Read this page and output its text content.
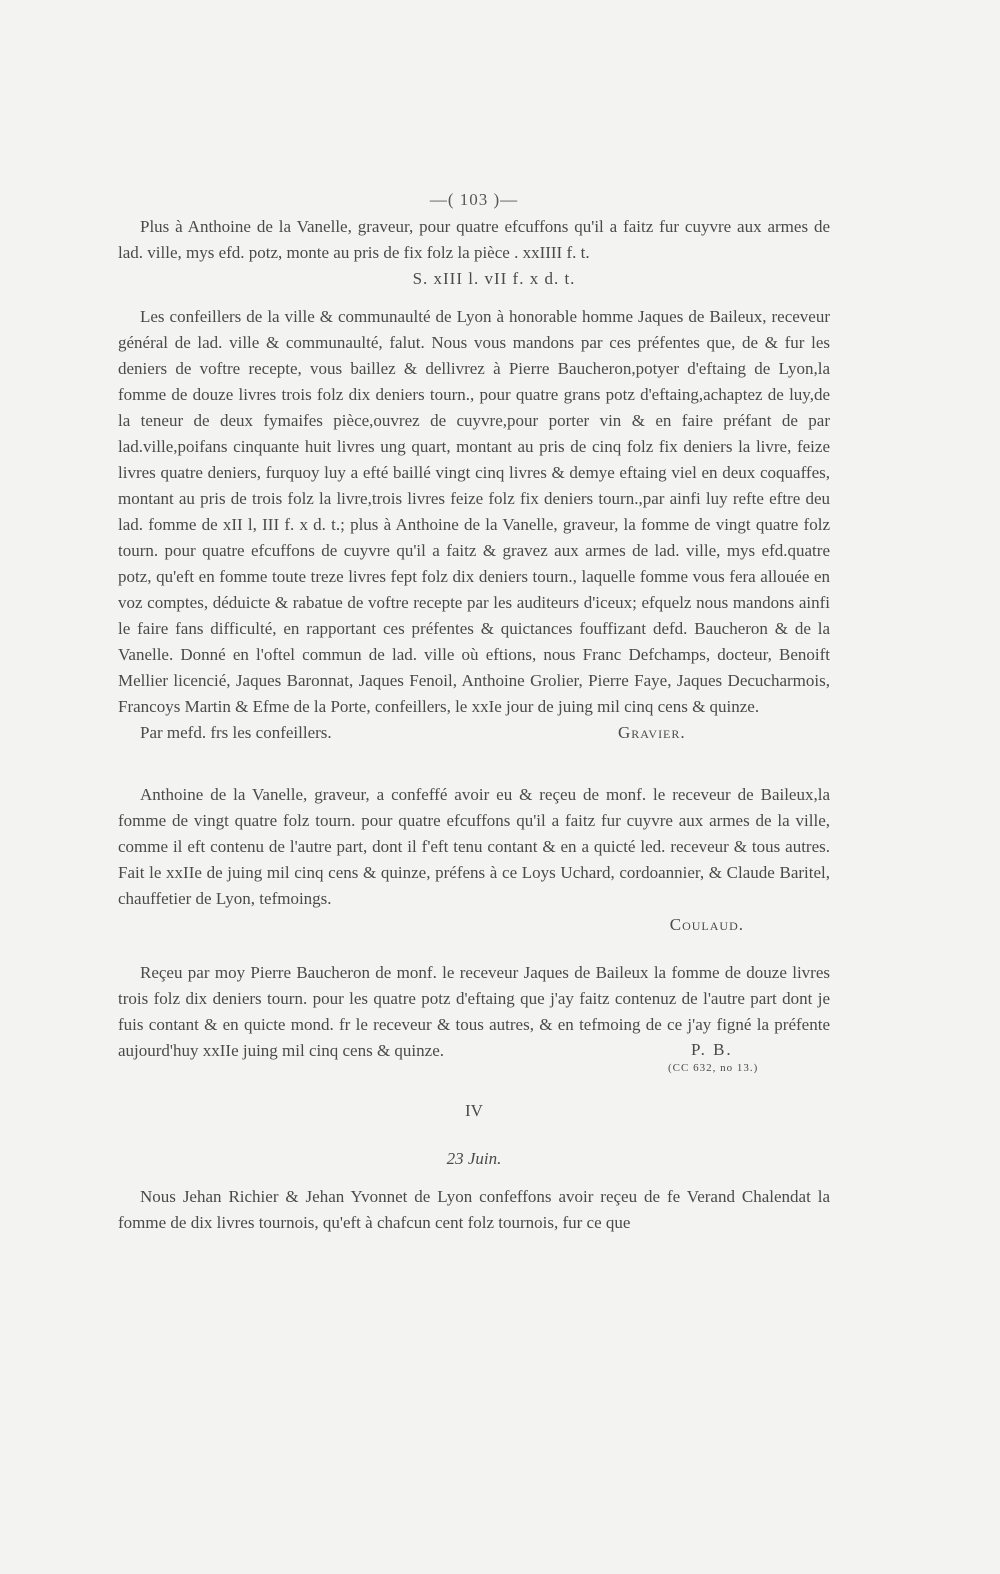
—( 103 )—

Plus à Anthoine de la Vanelle, graveur, pour quatre efcuffons qu'il a faitz fur cuyvre aux armes de lad. ville, mys efd. potz, monte au pris de fix folz la pièce . xxIIII f. t.

S. xIII l. vII f. x d. t.

Les confeillers de la ville & communaulté de Lyon à honorable homme Jaques de Baileux, receveur général de lad. ville & communaulté, falut. Nous vous mandons par ces préfentes que, de & fur les deniers de voftre recepte, vous baillez & dellivrez à Pierre Baucheron,potyer d'eftaing de Lyon,la fomme de douze livres trois folz dix deniers tourn., pour quatre grans potz d'eftaing,achaptez de luy,de la teneur de deux fymaifes pièce,ouvrez de cuyvre,pour porter vin & en faire préfant de par lad.ville,poifans cinquante huit livres ung quart, montant au pris de cinq folz fix deniers la livre, feize livres quatre deniers, furquoy luy a efté baillé vingt cinq livres & demye eftaing viel en deux coquaffes, montant au pris de trois folz la livre,trois livres feize folz fix deniers tourn.,par ainfi luy refte eftre deu lad. fomme de xII l, III f. x d. t.; plus à Anthoine de la Vanelle, graveur, la fomme de vingt quatre folz tourn. pour quatre efcuffons de cuyvre qu'il a faitz & gravez aux armes de lad. ville, mys efd.quatre potz, qu'eft en fomme toute treze livres fept folz dix deniers tourn., laquelle fomme vous fera allouée en voz comptes, déduicte & rabatue de voftre recepte par les auditeurs d'iceux; efquelz nous mandons ainfi le faire fans difficulté, en rapportant ces préfentes & quictances fouffizant defd. Baucheron & de la Vanelle. Donné en l'oftel commun de lad. ville où eftions, nous Franc Defchamps, docteur, Benoift Mellier licencié, Jaques Baronnat, Jaques Fenoil, Anthoine Grolier, Pierre Faye, Jaques Decucharmois, Francoys Martin & Efme de la Porte, confeillers, le xxIe jour de juing mil cinq cens & quinze.

Par mefd. frs les confeillers.	Gravier.

Anthoine de la Vanelle, graveur, a confeffé avoir eu & reçeu de monf. le receveur de Baileux,la fomme de vingt quatre folz tourn. pour quatre efcuffons qu'il a faitz fur cuyvre aux armes de la ville, comme il eft contenu de l'autre part, dont il f'eft tenu contant & en a quicté led. receveur & tous autres. Fait le xxIIe de juing mil cinq cens & quinze, préfens à ce Loys Uchard, cordoannier, & Claude Baritel, chauffetier de Lyon, tefmoings.

Coulaud.

Reçeu par moy Pierre Baucheron de monf. le receveur Jaques de Baileux la fomme de douze livres trois folz dix deniers tourn. pour les quatre potz d'eftaing que j'ay faitz contenuz de l'autre part dont je fuis contant & en quicte mond. fr le receveur & tous autres, & en tefmoing de ce j'ay figné la préfente aujourd'huy xxIIe juing mil cinq cens & quinze.	P. B.
(CC 632, no 13.)
IV
23 Juin.

Nous Jehan Richier & Jehan Yvonnet de Lyon confeffons avoir reçeu de fe Verand Chalendat la fomme de dix livres tournois, qu'eft à chafcun cent folz tournois, fur ce que
